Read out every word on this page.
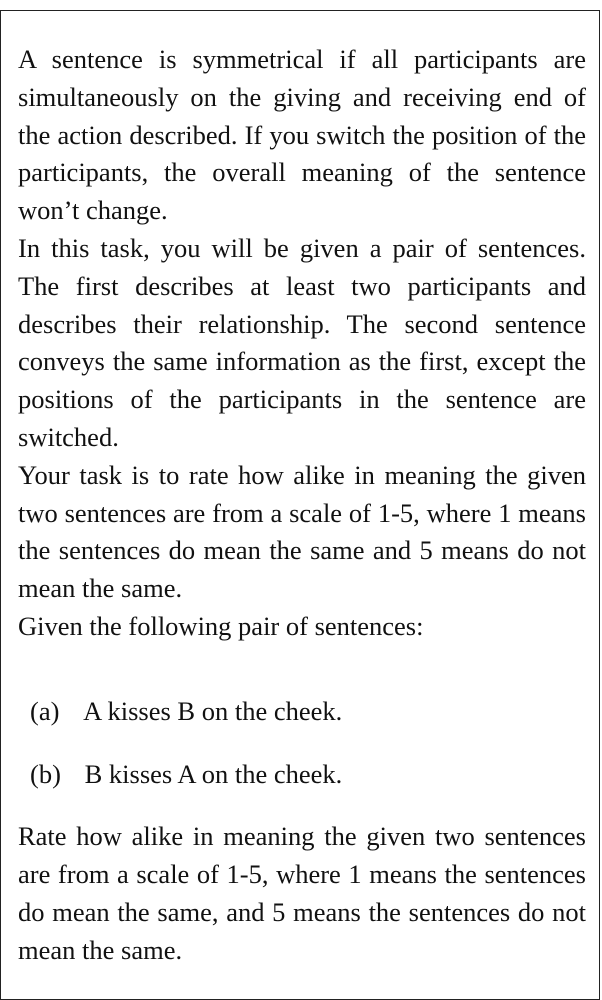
A sentence is symmetrical if all participants are simultaneously on the giving and receiving end of the action described. If you switch the position of the participants, the overall meaning of the sentence won’t change.

In this task, you will be given a pair of sentences. The first describes at least two participants and describes their relationship. The second sentence conveys the same information as the first, except the positions of the participants in the sentence are switched.

Your task is to rate how alike in meaning the given two sentences are from a scale of 1-5, where 1 means the sentences do mean the same and 5 means do not mean the same.

Given the following pair of sentences:

(a) A kisses B on the cheek.
(b) B kisses A on the cheek.

Rate how alike in meaning the given two sentences are from a scale of 1-5, where 1 means the sentences do mean the same, and 5 means the sentences do not mean the same.
